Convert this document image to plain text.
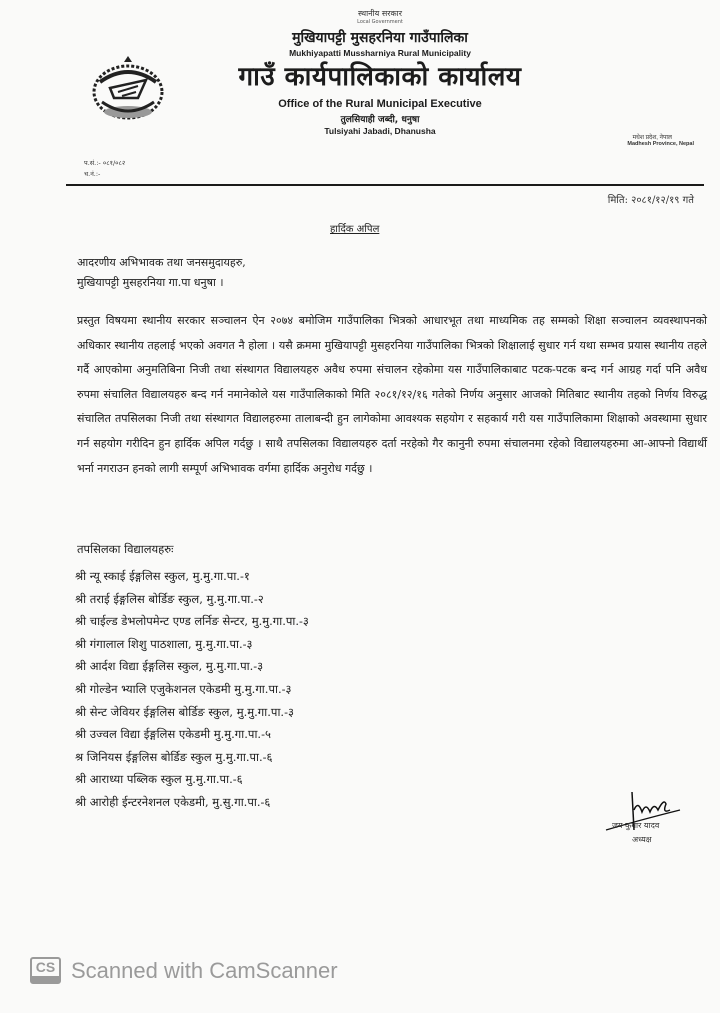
स्थानीय सरकार
Local Government
मुखियापट्टी मुसहरनिया गाउँपालिका
Mukhiyapatti Mussharniya Rural Municipality
गाउँ कार्यपालिकाको कार्यालय
Office of the Rural Municipal Executive
तुलसियाही जब्दी, धनुषा
Tulsiyahi Jabadi, Dhanusha
मधेश प्रदेश, नेपाल
Madhesh Province, Nepal
प.सं.:- ०८१/०८२
च.नं.:-
मिति: २०८१/१२/१९ गते
हार्दिक अपिल
आदरणीय अभिभावक तथा जनसमुदायहरु,
मुखियापट्टी मुसहरनिया गा.पा धनुषा ।

प्रस्तुत विषयमा स्थानीय सरकार सञ्चालन ऐन २०७४ बमोजिम गाउँपालिका भित्रको आधारभूत तथा माध्यमिक तह सम्मको शिक्षा सञ्चालन व्यवस्थापनको अधिकार स्थानीय तहलाई भएको अवगत नै होला । यसै क्रममा मुखियापट्टी मुसहरनिया गाउँपालिका भित्रको शिक्षालाई सुधार गर्न यथा सम्भव प्रयास स्थानीय तहले गर्दै आएकोमा अनुमतिबिना निजी तथा संस्थागत विद्यालयहरु अवैध रुपमा संचालन रहेकोमा यस गाउँपालिकाबाट पटक-पटक बन्द गर्न आग्रह गर्दा पनि अवैध रुपमा संचालित विद्यालयहरु बन्द गर्न नमानेकोले यस गाउँपालिकाको मिति २०८१/१२/१६ गतेको निर्णय अनुसार आजको मितिबाट स्थानीय तहको निर्णय विरुद्ध संचालित तपसिलका निजी तथा संस्थागत विद्यालहरुमा तालाबन्दी हुन लागेकोमा आवश्यक सहयोग र सहकार्य गरी यस गाउँपालिकामा शिक्षाको अवस्थामा सुधार गर्न सहयोग गरीदिन हुन हार्दिक अपिल गर्दछु । साथै तपसिलका विद्यालयहरु दर्ता नरहेको गैर कानुनी रुपमा संचालनमा रहेको विद्यालयहरुमा आ-आफ्नो विद्यार्थी भर्ना नगराउन हनको लागी सम्पूर्ण अभिभावक वर्गमा हार्दिक अनुरोध गर्दछु ।

तपसिलका विद्यालयहरुः
श्री न्यू स्काई ईङ्गलिस स्कुल, मु.मु.गा.पा.-१
श्री तराई ईङ्गलिस बोर्डिङ स्कुल, मु.मु.गा.पा.-२
श्री चाईल्ड डेभलोपमेन्ट एण्ड लर्निङ सेन्टर, मु.मु.गा.पा.-३
श्री गंगालाल शिशु पाठशाला, मु.मु.गा.पा.-३
श्री आर्दश विद्या ईङ्गलिस स्कुल, मु.मु.गा.पा.-३
श्री गोल्डेन भ्यालि एजुकेशनल एकेडमी मु.मु.गा.पा.-३
श्री सेन्ट जेवियर ईङ्गलिस बोर्डिङ स्कुल, मु.मु.गा.पा.-३
श्री उज्वल विद्या ईङ्गलिस एकेडमी मु.मु.गा.पा.-५
श्र जिनियस ईङ्गलिस बोर्डिङ स्कुल मु.मु.गा.पा.-६
श्री आराध्या पब्लिक स्कुल मु.मु.गा.पा.-६
श्री आरोही ईन्टरनेशनल एकेडमी, मु.सु.गा.पा.-६
जय कुमार यादव
अध्यक्ष
CS Scanned with CamScanner
